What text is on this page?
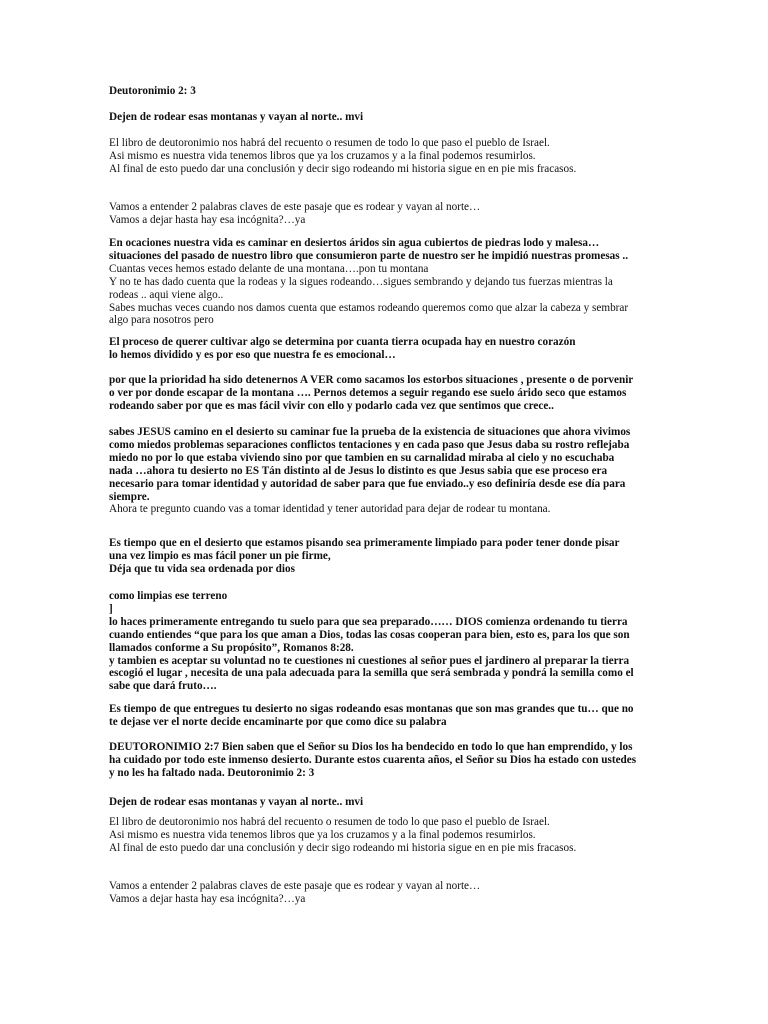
Deutoronimio 2: 3
Dejen de rodear esas montanas y vayan al norte.. mvi
El libro de deutoronimio nos habrá del recuento o resumen de todo lo que paso el pueblo de Israel.
Asi mismo es nuestra vida tenemos libros que ya los cruzamos y a la final podemos resumirlos.
Al final de esto puedo dar una conclusión y decir sigo rodeando mi historia sigue en en pie mis fracasos.
Vamos a entender 2 palabras claves de este pasaje que es rodear y vayan al norte…
Vamos a dejar hasta hay esa incógnita?…ya
En ocaciones nuestra vida es caminar en desiertos áridos sin agua cubiertos de piedras lodo y malesa…
situaciones del pasado de nuestro libro que consumieron parte de nuestro ser he impidió nuestras promesas ..
Cuantas veces hemos estado delante de una montana….pon tu montana
Y no te has dado cuenta que la rodeas y la sigues rodeando…sigues sembrando y dejando tus fuerzas mientras la
rodeas .. aqui viene algo..
Sabes muchas veces cuando nos damos cuenta que estamos rodeando queremos como que alzar la cabeza y sembrar
algo para nosotros pero
El proceso de querer cultivar algo se determina por cuanta tierra ocupada hay en nuestro corazón
lo hemos dividido y es por eso que nuestra fe es emocional…
por que la prioridad ha sido detenernos A VER como sacamos los estorbos situaciones , presente o de porvenir
o ver por donde escapar de la montana …. Pernos detemos a seguir regando ese suelo árido seco que estamos
rodeando saber por que es mas fácil vivir con ello y podarlo cada vez que sentimos que crece..
sabes JESUS camino en el desierto su caminar fue la prueba de la existencia de situaciones que ahora vivimos
como miedos problemas separaciones conflictos tentaciones y en cada paso que Jesus daba su rostro reflejaba
miedo no por lo que estaba viviendo sino por que tambien en su carnalidad miraba al cielo y no escuchaba
nada …ahora tu desierto no ES Tán distinto al de Jesus lo distinto es que Jesus sabia que ese proceso era
necesario para tomar identidad y autoridad de saber para que fue enviado..y eso definiría desde ese día para
siempre.
Ahora te pregunto cuando vas a tomar identidad y tener autoridad para dejar de rodear tu montana.
Es tiempo que en el desierto que estamos pisando sea primeramente limpiado para poder tener donde pisar
una vez limpio es mas fácil poner un pie firme,
Déja que tu vida sea ordenada por dios
como limpias ese terreno
]
lo haces primeramente entregando tu suelo para que sea preparado…… DIOS comienza ordenando tu tierra
cuando entiendes “que para los que aman a Dios, todas las cosas cooperan para bien, esto es, para los que son
llamados conforme a Su propósito”, Romanos 8:28.
y tambien es aceptar su voluntad no te cuestiones ni cuestiones al señor pues el jardinero al preparar la tierra
escogió el lugar , necesita de una pala adecuada para la semilla que será sembrada y pondrá la semilla como el
sabe que dará fruto….
Es tiempo de que entregues tu desierto no sigas rodeando esas montanas que son mas grandes que tu… que no
te dejase ver el norte decide encaminarte por que como dice su palabra
DEUTORONIMIO 2:7 Bien saben que el Señor su Dios los ha bendecido en todo lo que han emprendido, y los
ha cuidado por todo este inmenso desierto. Durante estos cuarenta años, el Señor su Dios ha estado con ustedes
y no les ha faltado nada. Deutoronimio 2: 3
Dejen de rodear esas montanas y vayan al norte.. mvi
El libro de deutoronimio nos habrá del recuento o resumen de todo lo que paso el pueblo de Israel.
Asi mismo es nuestra vida tenemos libros que ya los cruzamos y a la final podemos resumirlos.
Al final de esto puedo dar una conclusión y decir sigo rodeando mi historia sigue en en pie mis fracasos.
Vamos a entender 2 palabras claves de este pasaje que es rodear y vayan al norte…
Vamos a dejar hasta hay esa incógnita?…ya
